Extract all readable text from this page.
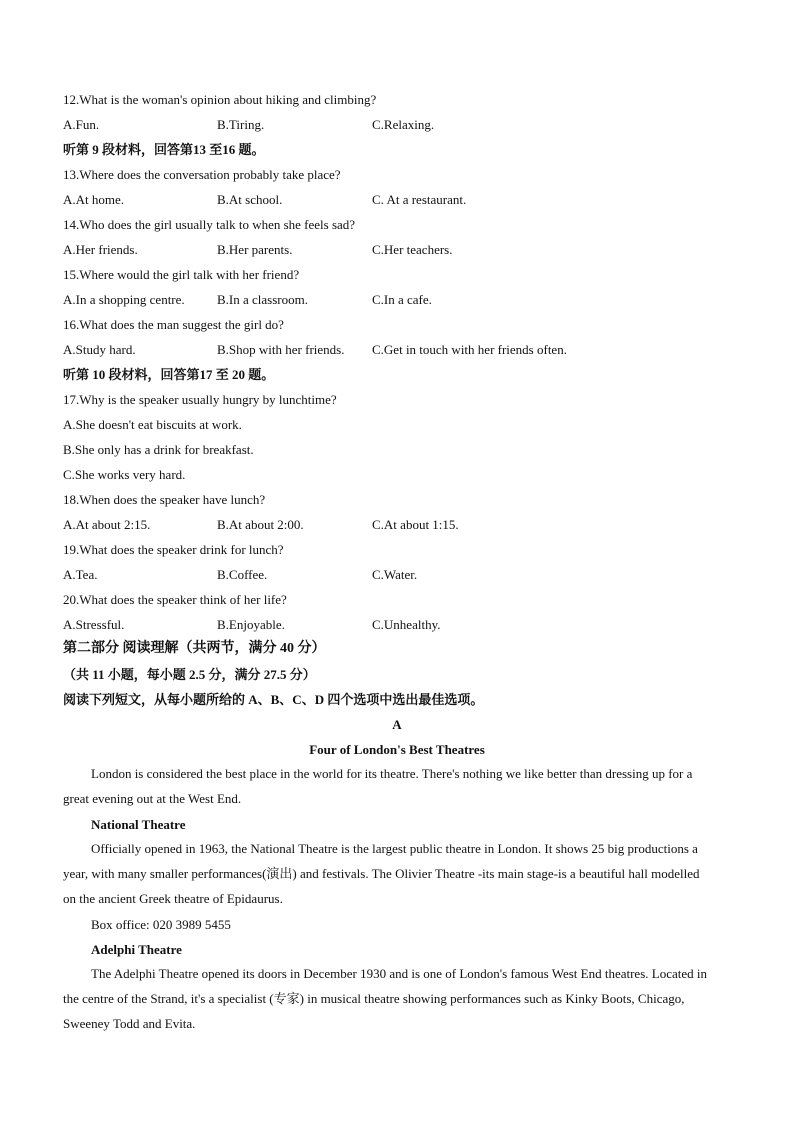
12.What is the woman's opinion about hiking and climbing?
A.Fun.	B.Tiring.	C.Relaxing.
听第 9 段材料，回答第13 至16 题。
13.Where does the conversation probably take place?
A.At home.	B.At school.	C. At a restaurant.
14.Who does the girl usually talk to when she feels sad?
A.Her friends.	B.Her parents.	C.Her teachers.
15.Where would the girl talk with her friend?
A.In a shopping centre. B.In a classroom.	C.In a cafe.
16.What does the man suggest the girl do?
A.Study hard.	B.Shop with her friends. C.Get in touch with her friends often.
听第 10 段材料，回答第17 至 20 题。
17.Why is the speaker usually hungry by lunchtime?
A.She doesn't eat biscuits at work.
B.She only has a drink for breakfast.
C.She works very hard.
18.When does the speaker have lunch?
A.At about 2:15.	B.At about 2:00.	C.At about 1:15.
19.What does the speaker drink for lunch?
A.Tea.	B.Coffee.	C.Water.
20.What does the speaker think of her life?
A.Stressful.	B.Enjoyable.	C.Unhealthy.
第二部分 阅读理解（共两节，满分 40 分）
（共 11 小题，每小题 2.5 分，满分 27.5 分）
阅读下列短文，从每小题所给的 A、B、C、D 四个选项中选出最佳选项。
A
Four of London's Best Theatres
London is considered the best place in the world for its theatre. There's nothing we like better than dressing up for a great evening out at the West End.
National Theatre
Officially opened in 1963, the National Theatre is the largest public theatre in London. It shows 25 big productions a year, with many smaller performances(演出) and festivals. The Olivier Theatre -its main stage-is a beautiful hall modelled on the ancient Greek theatre of Epidaurus.
Box office: 020 3989 5455
Adelphi Theatre
The Adelphi Theatre opened its doors in December 1930 and is one of London's famous West End theatres. Located in the centre of the Strand, it's a specialist (专家) in musical theatre showing performances such as Kinky Boots, Chicago, Sweeney Todd and Evita.
